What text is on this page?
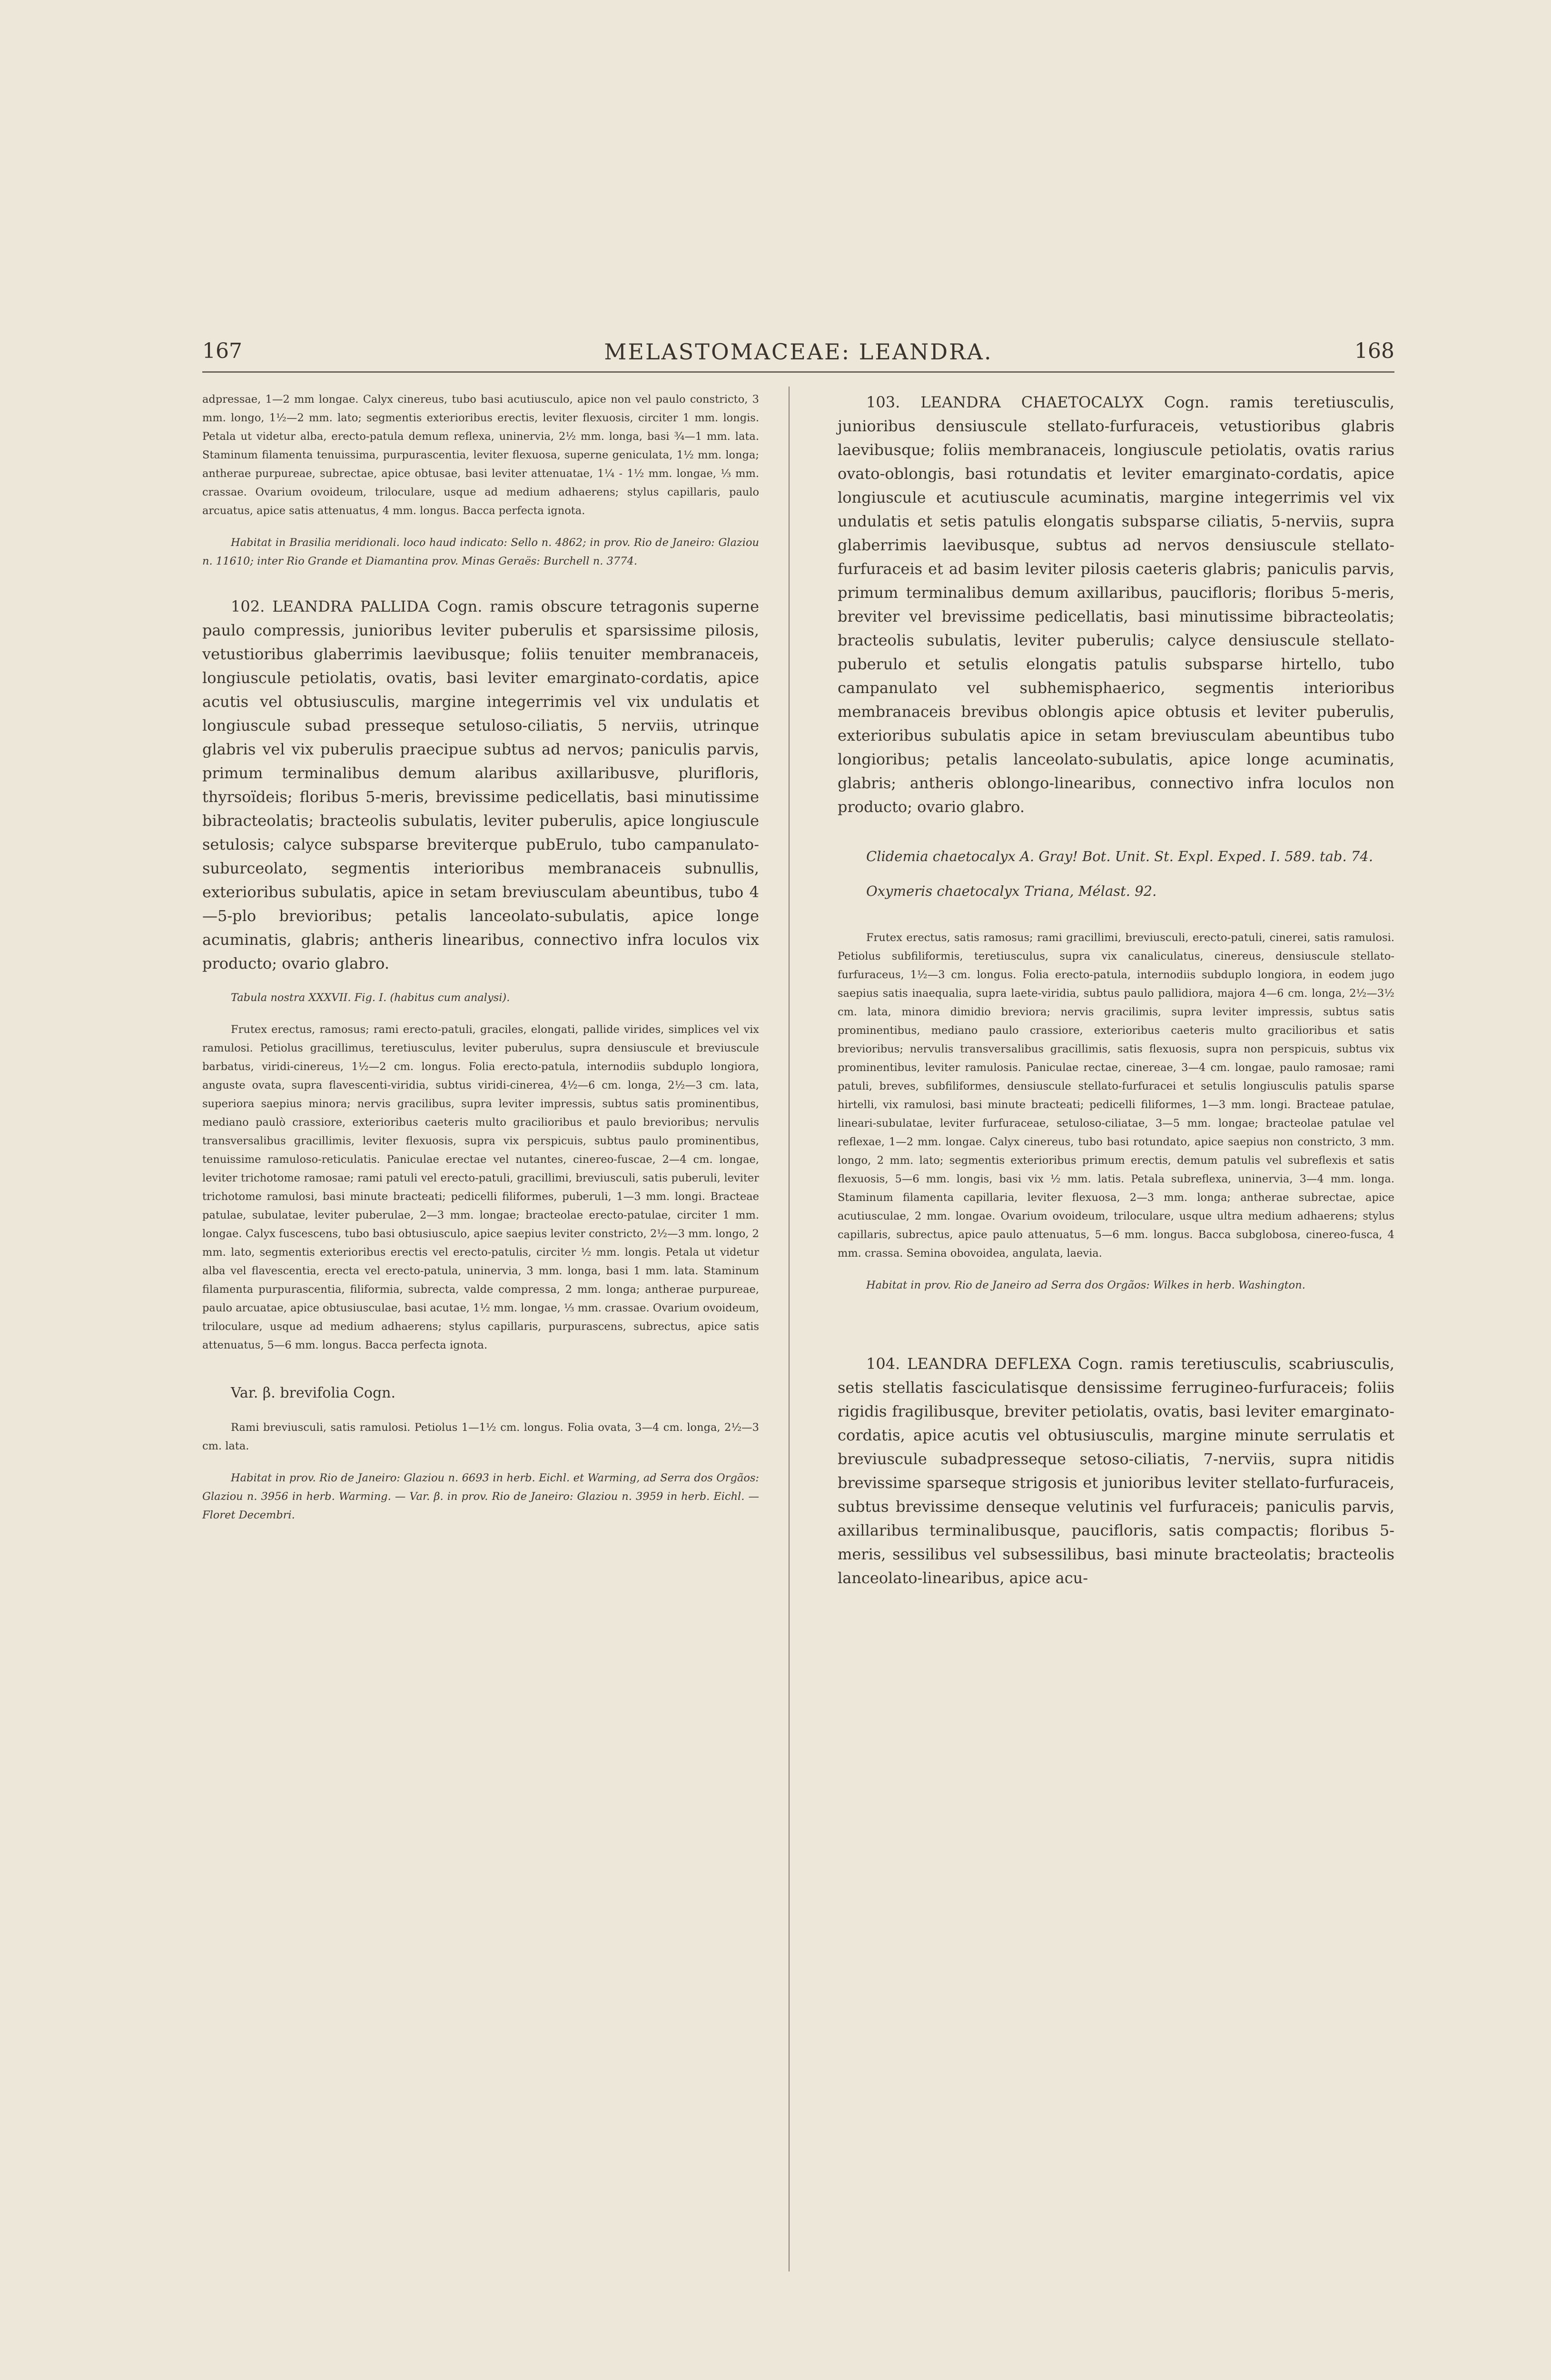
167	MELASTOMACEAE: LEANDRA.	168

adpressae, 1—2 mm longae. Calyx cinereus, tubo basi acutiusculo, apice non vel paulo constricto, 3 mm. longo, 1½—2 mm. lato; segmentis exterioribus erectis, leviter flexuosis, circiter 1 mm. longis. Petala ut videtur alba, erecto-patula demum reflexa, uninervia, 2½ mm. longa, basi ¾—1 mm. lata. Staminum filamenta tenuissima, purpurascentia, leviter flexuosa, superne geniculata, 1½ mm. longa; antherae purpureae, subrectae, apice obtusae, basi leviter attenuatae, 1¼ - 1½ mm. longae, ⅓ mm. crassae. Ovarium ovoideum, triloculare, usque ad medium adhaerens; stylus capillaris, paulo arcuatus, apice satis attenuatus, 4 mm. longus. Bacca perfecta ignota.

Habitat in Brasilia meridionali. loco haud indicato: Sello n. 4862; in prov. Rio de Janeiro: Glaziou n. 11610; inter Rio Grande et Diamantina prov. Minas Geraës: Burchell n. 3774.

102. LEANDRA PALLIDA Cogn. ramis obscure tetragonis superne paulo compressis, junioribus leviter puberulis et sparsissime pilosis, vetustioribus glaberrimis laevibusque; foliis tenuiter membranaceis, longiuscule petiolatis, ovatis, basi leviter emarginato-cordatis, apice acutis vel obtusiusculis, margine integerrimis vel vix undulatis et longiuscule subad presseque setuloso-ciliatis, 5 nerviis, utrinque glabris vel vix puberulis praecipue subtus ad nervos; paniculis parvis, primum terminalibus demum alaribus axillaribusve, plurifloris, thyrsoïdeis; floribus 5-meris, brevissime pedicellatis, basi minutissime bibracteolatis; bracteolis subulatis, leviter puberulis, apice longiuscule setulosis; calyce subsparse breviterque pubErulo, tubo campanulato-suburceolato, segmentis interioribus membranaceis subnullis, exterioribus subulatis, apice in setam breviusculam abeuntibus, tubo 4—5-plo brevioribus; petalis lanceolato-subulatis, apice longe acuminatis, glabris; antheris linearibus, connectivo infra loculos vix producto; ovario glabro.

Tabula nostra XXXVII. Fig. I. (habitus cum analysi).

Frutex erectus, ramosus; rami erecto-patuli, graciles, elongati, pallide virides, simplices vel vix ramulosi. Petiolus gracillimus, teretiusculus, leviter puberulus, supra densiuscule et breviuscule barbatus, viridi-cinereus, 1½—2 cm. longus. Folia erecto-patula, internodiis subduplo longiora, anguste ovata, supra flavescenti-viridia, subtus viridi-cinerea, 4½—6 cm. longa, 2½—3 cm. lata, superiora saepius minora; nervis gracilibus, supra leviter impressis, subtus satis prominentibus, mediano paulò crassiore, exterioribus caeteris multo gracilioribus et paulo brevioribus; nervulis transversalibus gracillimis, leviter flexuosis, supra vix perspicuis, subtus paulo prominentibus, tenuissime ramuloso-reticulatis. Paniculae erectae vel nutantes, cinereo-fuscae, 2—4 cm. longae, leviter trichotome ramosae; rami patuli vel erecto-patuli, gracillimi, breviusculi, satis puberuli, leviter trichotome ramulosi, basi minute bracteati; pedicelli filiformes, puberuli, 1—3 mm. longi. Bracteae patulae, subulatae, leviter puberulae, 2—3 mm. longae; bracteolae erecto-patulae, circiter 1 mm. longae. Calyx fuscescens, tubo basi obtusiusculo, apice saepius leviter constricto, 2½—3 mm. longo, 2 mm. lato, segmentis exterioribus erectis vel erecto-patulis, circiter ½ mm. longis. Petala ut videtur alba vel flavescentia, erecta vel erecto-patula, uninervia, 3 mm. longa, basi 1 mm. lata. Staminum filamenta purpurascentia, filiformia, subrecta, valde compressa, 2 mm. longa; antherae purpureae, paulo arcuatae, apice obtusiusculae, basi acutae, 1½ mm. longae, ⅓ mm. crassae. Ovarium ovoideum, triloculare, usque ad medium adhaerens; stylus capillaris, purpurascens, subrectus, apice satis attenuatus, 5—6 mm. longus. Bacca perfecta ignota.

Var. β. brevifolia Cogn.

Rami breviusculi, satis ramulosi. Petiolus 1—1½ cm. longus. Folia ovata, 3—4 cm. longa, 2½—3 cm. lata.

Habitat in prov. Rio de Janeiro: Glaziou n. 6693 in herb. Eichl. et Warming, ad Serra dos Orgãos: Glaziou n. 3956 in herb. Warming. — Var. β. in prov. Rio de Janeiro: Glaziou n. 3959 in herb. Eichl. — Floret Decembri.

103. LEANDRA CHAETOCALYX Cogn. ramis teretiusculis, junioribus densiuscule stellato-furfuraceis, vetustioribus glabris laevibusque; foliis membranaceis, longiuscule petiolatis, ovatis rarius ovato-oblongis, basi rotundatis et leviter emarginato-cordatis, apice longiuscule et acutiuscule acuminatis, margine integerrimis vel vix undulatis et setis patulis elongatis subsparse ciliatis, 5-nerviis, supra glaberrimis laevibusque, subtus ad nervos densiuscule stellato-furfuraceis et ad basim leviter pilosis caeteris glabris; paniculis parvis, primum terminalibus demum axillaribus, paucifloris; floribus 5-meris, breviter vel brevissime pedicellatis, basi minutissime bibracteolatis; bracteolis subulatis, leviter puberulis; calyce densiuscule stellato-puberulo et setulis elongatis patulis subsparse hirtello, tubo campanulato vel subhemisphaerico, segmentis interioribus membranaceis brevibus oblongis apice obtusis et leviter puberulis, exterioribus subulatis apice in setam breviusculam abeuntibus tubo longioribus; petalis lanceolato-subulatis, apice longe acuminatis, glabris; antheris oblongo-linearibus, connectivo infra loculos non producto; ovario glabro.

Clidemia chaetocalyx A. Gray! Bot. Unit. St. Expl. Exped. I. 589. tab. 74.

Oxymeris chaetocalyx Triana, Mélast. 92.

Frutex erectus, satis ramosus; rami gracillimi, breviusculi, erecto-patuli, cinerei, satis ramulosi. Petiolus subfiliformis, teretiusculus, supra vix canaliculatus, cinereus, densiuscule stellato-furfuraceus, 1½—3 cm. longus. Folia erecto-patula, internodiis subduplo longiora, in eodem jugo saepius satis inaequalia, supra laete-viridia, subtus paulo pallidiora, majora 4—6 cm. longa, 2½—3½ cm. lata, minora dimidio breviora; nervis gracilimis, supra leviter impressis, subtus satis prominentibus, mediano paulo crassiore, exterioribus caeteris multo gracilioribus et satis brevioribus; nervulis transversalibus gracillimis, satis flexuosis, supra non perspicuis, subtus vix prominentibus, leviter ramulosis. Paniculae rectae, cinereae, 3—4 cm. longae, paulo ramosae; rami patuli, breves, subfiliformes, densiuscule stellato-furfuracei et setulis longiusculis patulis sparse hirtelli, vix ramulosi, basi minute bracteati; pedicelli filiformes, 1—3 mm. longi. Bracteae patulae, lineari-subulatae, leviter furfuraceae, setuloso-ciliatae, 3—5 mm. longae; bracteolae patulae vel reflexae, 1—2 mm. longae. Calyx cinereus, tubo basi rotundato, apice saepius non constricto, 3 mm. longo, 2 mm. lato; segmentis exterioribus primum erectis, demum patulis vel subreflexis et satis flexuosis, 5—6 mm. longis, basi vix ½ mm. latis. Petala subreflexa, uninervia, 3—4 mm. longa. Staminum filamenta capillaria, leviter flexuosa, 2—3 mm. longa; antherae subrectae, apice acutiusculae, 2 mm. longae. Ovarium ovoideum, triloculare, usque ultra medium adhaerens; stylus capillaris, subrectus, apice paulo attenuatus, 5—6 mm. longus. Bacca subglobosa, cinereo-fusca, 4 mm. crassa. Semina obovoidea, angulata, laevia.

Habitat in prov. Rio de Janeiro ad Serra dos Orgãos: Wilkes in herb. Washington.

104. LEANDRA DEFLEXA Cogn. ramis teretiusculis, scabriusculis, setis stellatis fasciculatisque densissime ferrugineo-furfuraceis; foliis rigidis fragilibusque, breviter petiolatis, ovatis, basi leviter emarginato-cordatis, apice acutis vel obtusiusculis, margine minute serrulatis et breviuscule subadpresseque setoso-ciliatis, 7-nerviis, supra nitidis brevissime sparseque strigosis et junioribus leviter stellato-furfuraceis, subtus brevissime denseque velutinis vel furfuraceis; paniculis parvis, axillaribus terminalibusque, paucifloris, satis compactis; floribus 5-meris, sessilibus vel subsessilibus, basi minute bracteolatis; bracteolis lanceolato-linearibus, apice acu-
